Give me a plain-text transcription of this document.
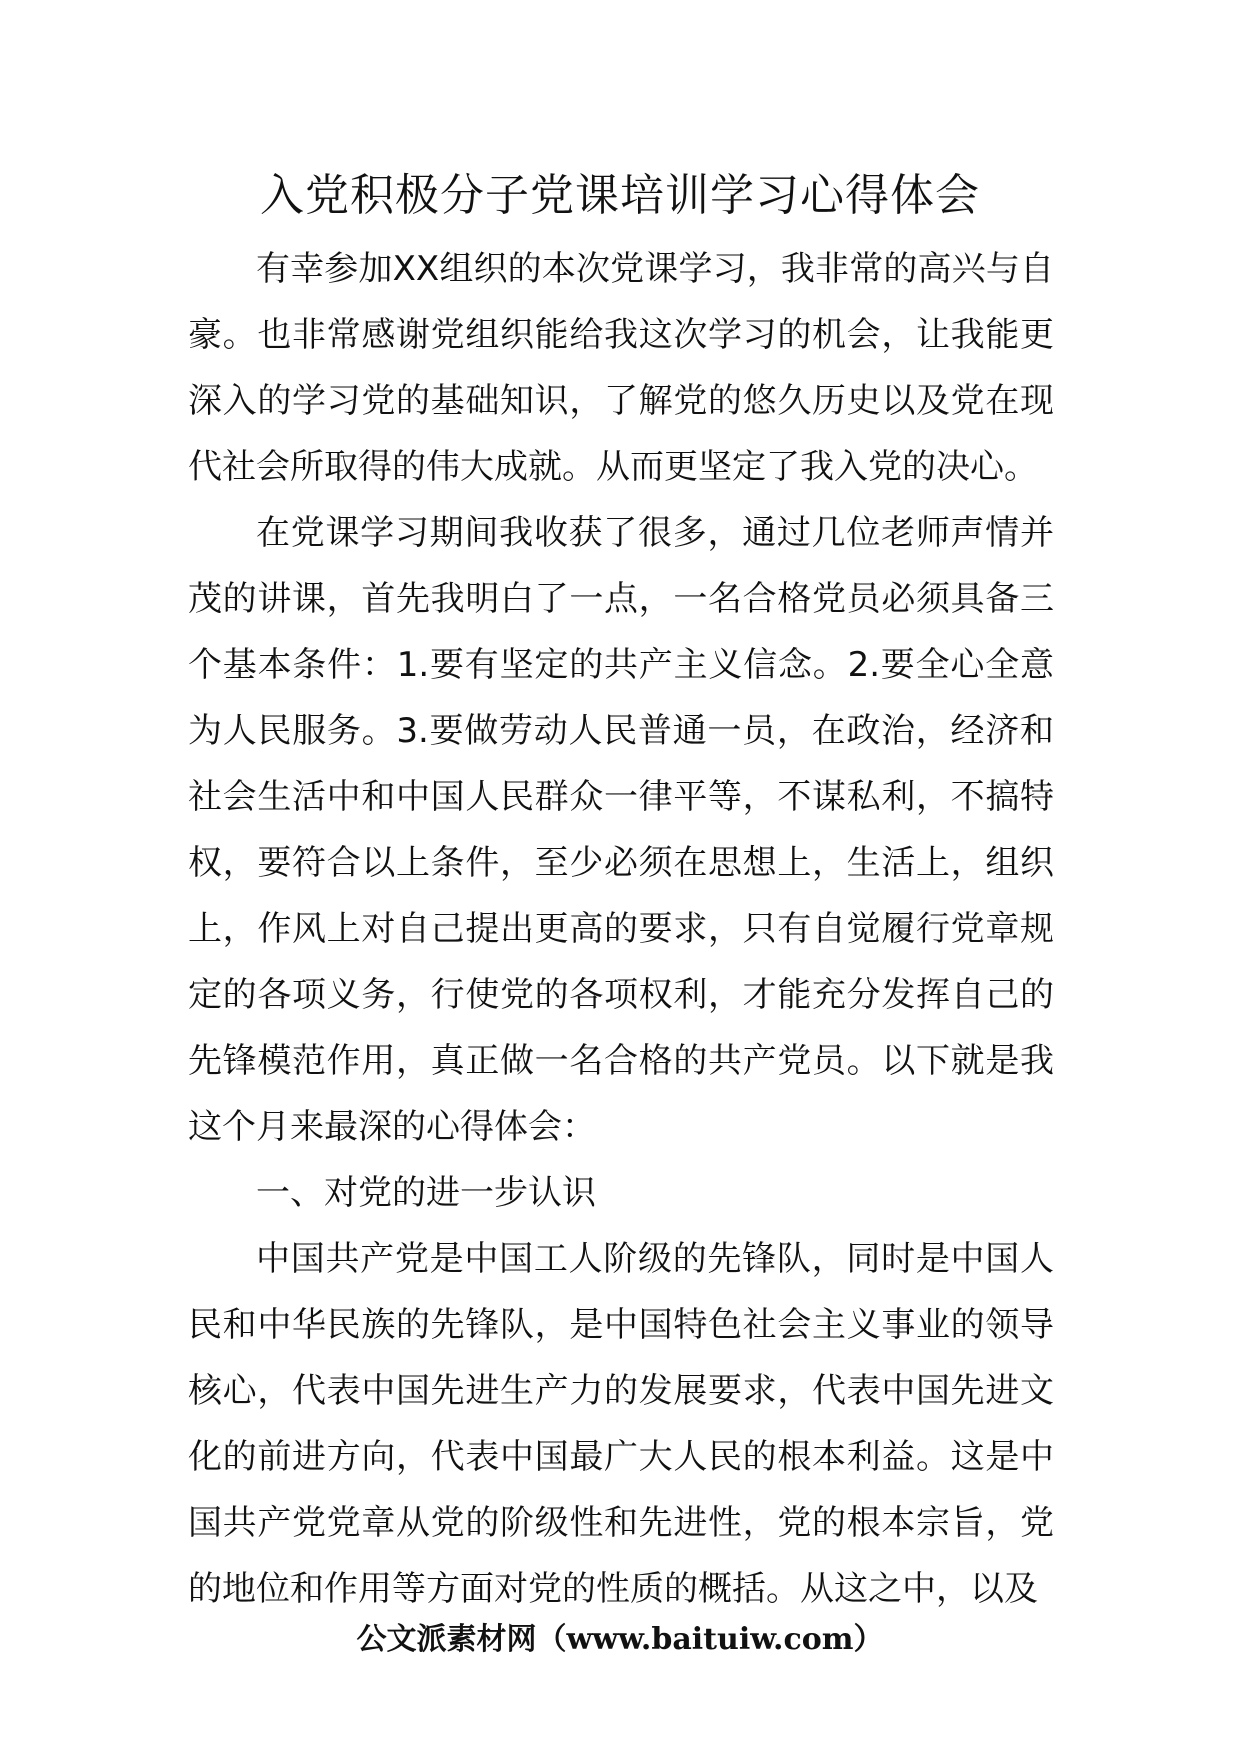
入党积极分子党课培训学习心得体会

有幸参加XX组织的本次党课学习，我非常的高兴与自豪。也非常感谢党组织能给我这次学习的机会，让我能更深入的学习党的基础知识，了解党的悠久历史以及党在现代社会所取得的伟大成就。从而更坚定了我入党的决心。

在党课学习期间我收获了很多，通过几位老师声情并茂的讲课，首先我明白了一点，一名合格党员必须具备三个基本条件：1.要有坚定的共产主义信念。2.要全心全意为人民服务。3.要做劳动人民普通一员，在政治，经济和社会生活中和中国人民群众一律平等，不谋私利，不搞特权，要符合以上条件，至少必须在思想上，生活上，组织上，作风上对自己提出更高的要求，只有自觉履行党章规定的各项义务，行使党的各项权利，才能充分发挥自己的先锋模范作用，真正做一名合格的共产党员。以下就是我这个月来最深的心得体会：

一、对党的进一步认识

中国共产党是中国工人阶级的先锋队，同时是中国人民和中华民族的先锋队，是中国特色社会主义事业的领导核心，代表中国先进生产力的发展要求，代表中国先进文化的前进方向，代表中国最广大人民的根本利益。这是中国共产党党章从党的阶级性和先进性，党的根本宗旨，党的地位和作用等方面对党的性质的概括。从这之中，以及

公文派素材网（www.baituiw.com）
